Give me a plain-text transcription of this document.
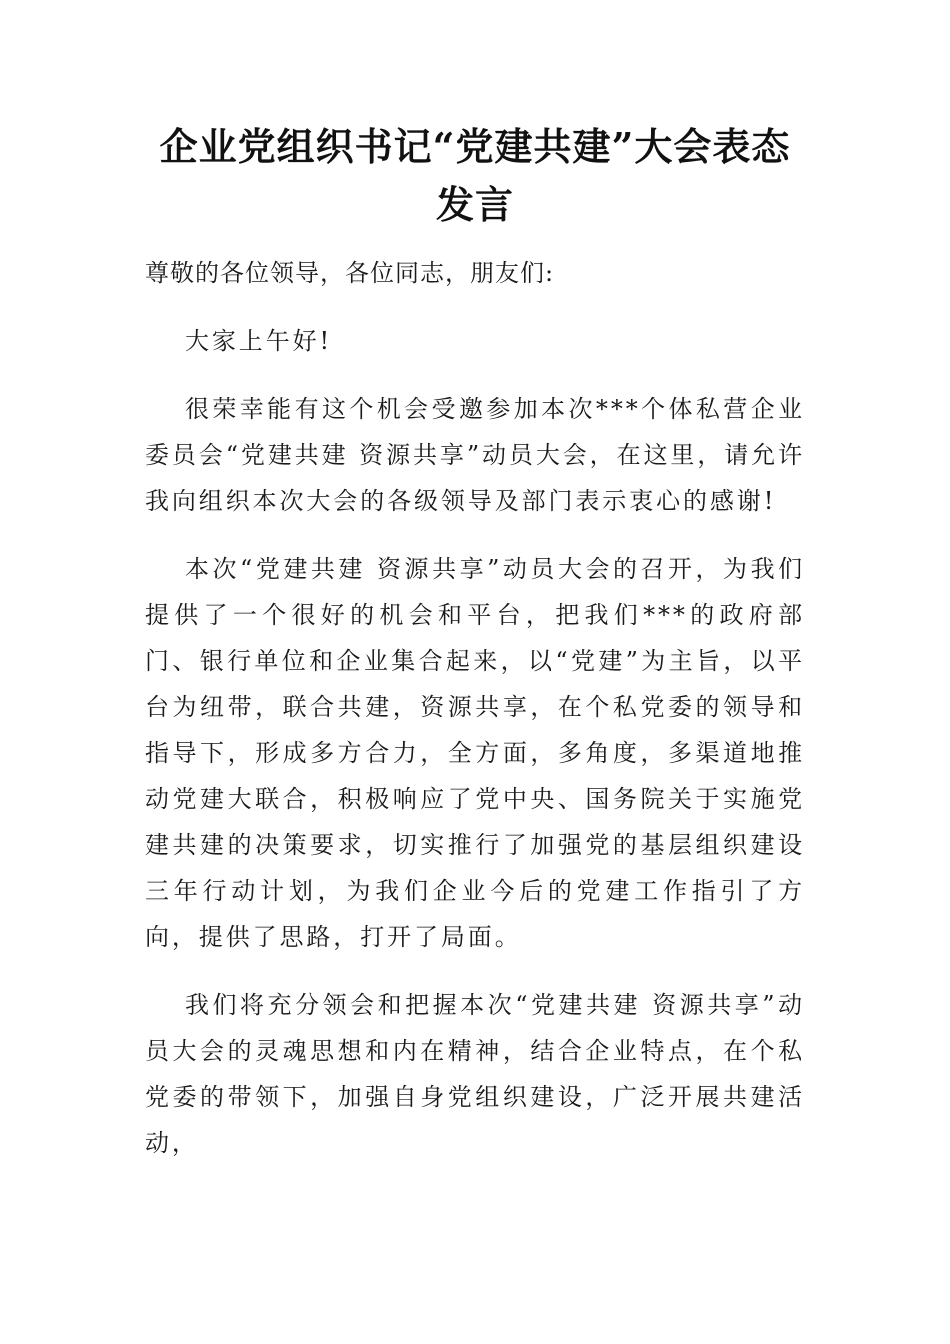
企业党组织书记“党建共建”大会表态发言

尊敬的各位领导，各位同志，朋友们:

大家上午好!

很荣幸能有这个机会受邀参加本次***个体私营企业委员会“党建共建 资源共享”动员大会，在这里，请允许我向组织本次大会的各级领导及部门表示衷心的感谢!

本次“党建共建 资源共享”动员大会的召开，为我们提供了一个很好的机会和平台，把我们***的政府部门、银行单位和企业集合起来，以“党建”为主旨，以平台为纽带，联合共建，资源共享，在个私党委的领导和指导下，形成多方合力，全方面，多角度，多渠道地推动党建大联合，积极响应了党中央、国务院关于实施党建共建的决策要求，切实推行了加强党的基层组织建设三年行动计划，为我们企业今后的党建工作指引了方向，提供了思路，打开了局面。

我们将充分领会和把握本次“党建共建 资源共享”动员大会的灵魂思想和内在精神，结合企业特点，在个私党委的带领下，加强自身党组织建设，广泛开展共建活动，
